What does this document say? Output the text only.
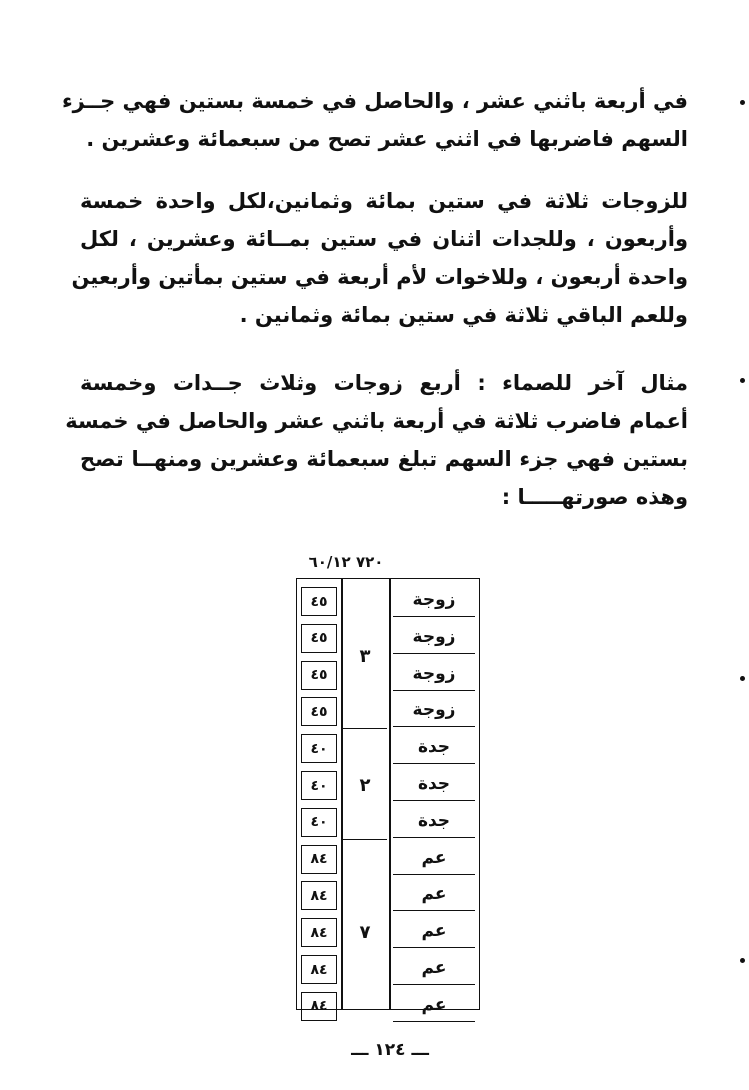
في أربعة باثني عشر ، والحاصل في خمسة بستين فهي جــزء
السهم فاضربها في اثني عشر تصح من سبعمائة وعشرين .
للزوجات ثلاثة في ستين بمائة وثمانين،لكل واحدة خمسة
وأربعون ، وللجدات اثنان في ستين بمــائة وعشرين ، لكل
واحدة أربعون ، وللاخوات لأم أربعة في ستين بمأتين وأربعين
وللعم الباقي ثلاثة في ستين بمائة وثمانين .
مثال آخر للصماء : أربع زوجات وثلاث جــدات وخمسة
أعمام فاضرب ثلاثة في أربعة باثني عشر والحاصل في خمسة
بستين فهي جزء السهم تبلغ سبعمائة وعشرين ومنهــا تصح
وهذه صورتهـــــا :
٧٢٠ ٦٠/١٢
زوجة
٤٥
زوجة
٤٥
زوجة
٤٥
زوجة
٤٥
٣
جدة
٤٠
جدة
٤٠
جدة
٤٠
٢
عم
٨٤
عم
٨٤
عم
٨٤
عم
٨٤
عم
٨٤
٧
ـــ ١٢٤ ـــ
